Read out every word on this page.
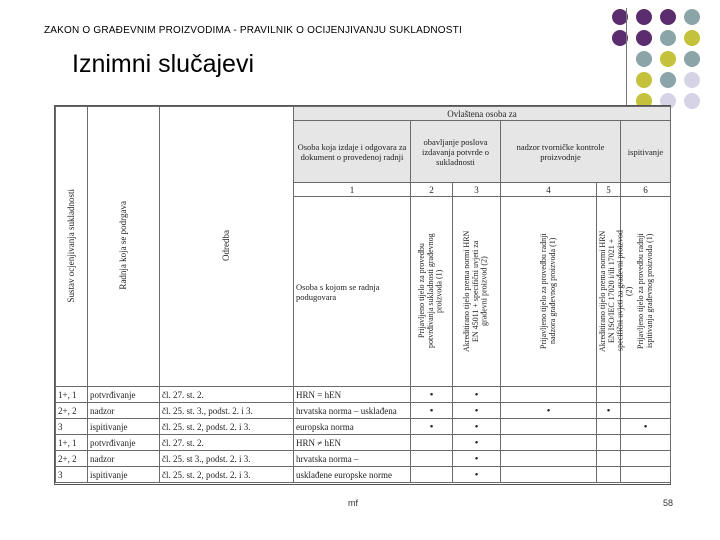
ZAKON O GRAĐEVNIM PROIZVODIMA - PRAVILNIK O OCIJENJIVANJU SUKLADNOSTI
Iznimni slučajevi
Sustav ocjenjivanja sukladnosti	Radnja koja se podrgava	Odredba	Ovlaštena osoba za						
			Osoba koja izdaje i odgovara za dokument o provedenoj radnji	obavljanje poslova izdavanja potvrde o sukladnosti		nadzor tvorničke kontrole proizvodnje		ispitivanje	
			1	2	3	4	5	6	
			Osoba s kojom se radnja podugovara	Prijavljeno tijelo za provedbu potvrđivanja sukladnosti građevnog proizvoda (1)	Akreditirano tijelo prema normi HRN EN 45011 + specifični uvjeti za građevni proizvod (2)	Prijavljeno tijelo za provedbu radnji nadzora građevnog proizvoda (1)	Akreditirano tijelo prema normi HRN EN ISO/IEC 17020 i/ili 17021 + specifični uvjeti za građevni proizvod (2)	Prijavljeno tijelo za provedbu radnji ispitivanja građevnog proizvoda (1)	
1+, 1	potvrđivanje	čl. 27. st. 2.	HRN = hEN	•	•				
2+, 2	nadzor	čl. 25. st. 3., podst. 2. i 3.	hrvatska norma – usklađena	•	•	•	•		
3	ispitivanje	čl. 25. st. 2, podst. 2. i 3.	europska norma	•	•			•	
1+, 1	potvrđivanje	čl. 27. st. 2.	HRN ≠ hEN		•				
2+, 2	nadzor	čl. 25. st 3., podst. 2. i 3.	hrvatska norma –		•				
3	ispitivanje	čl. 25. st. 2, podst. 2. i 3.	usklađene europske norme		•				
mf	58
